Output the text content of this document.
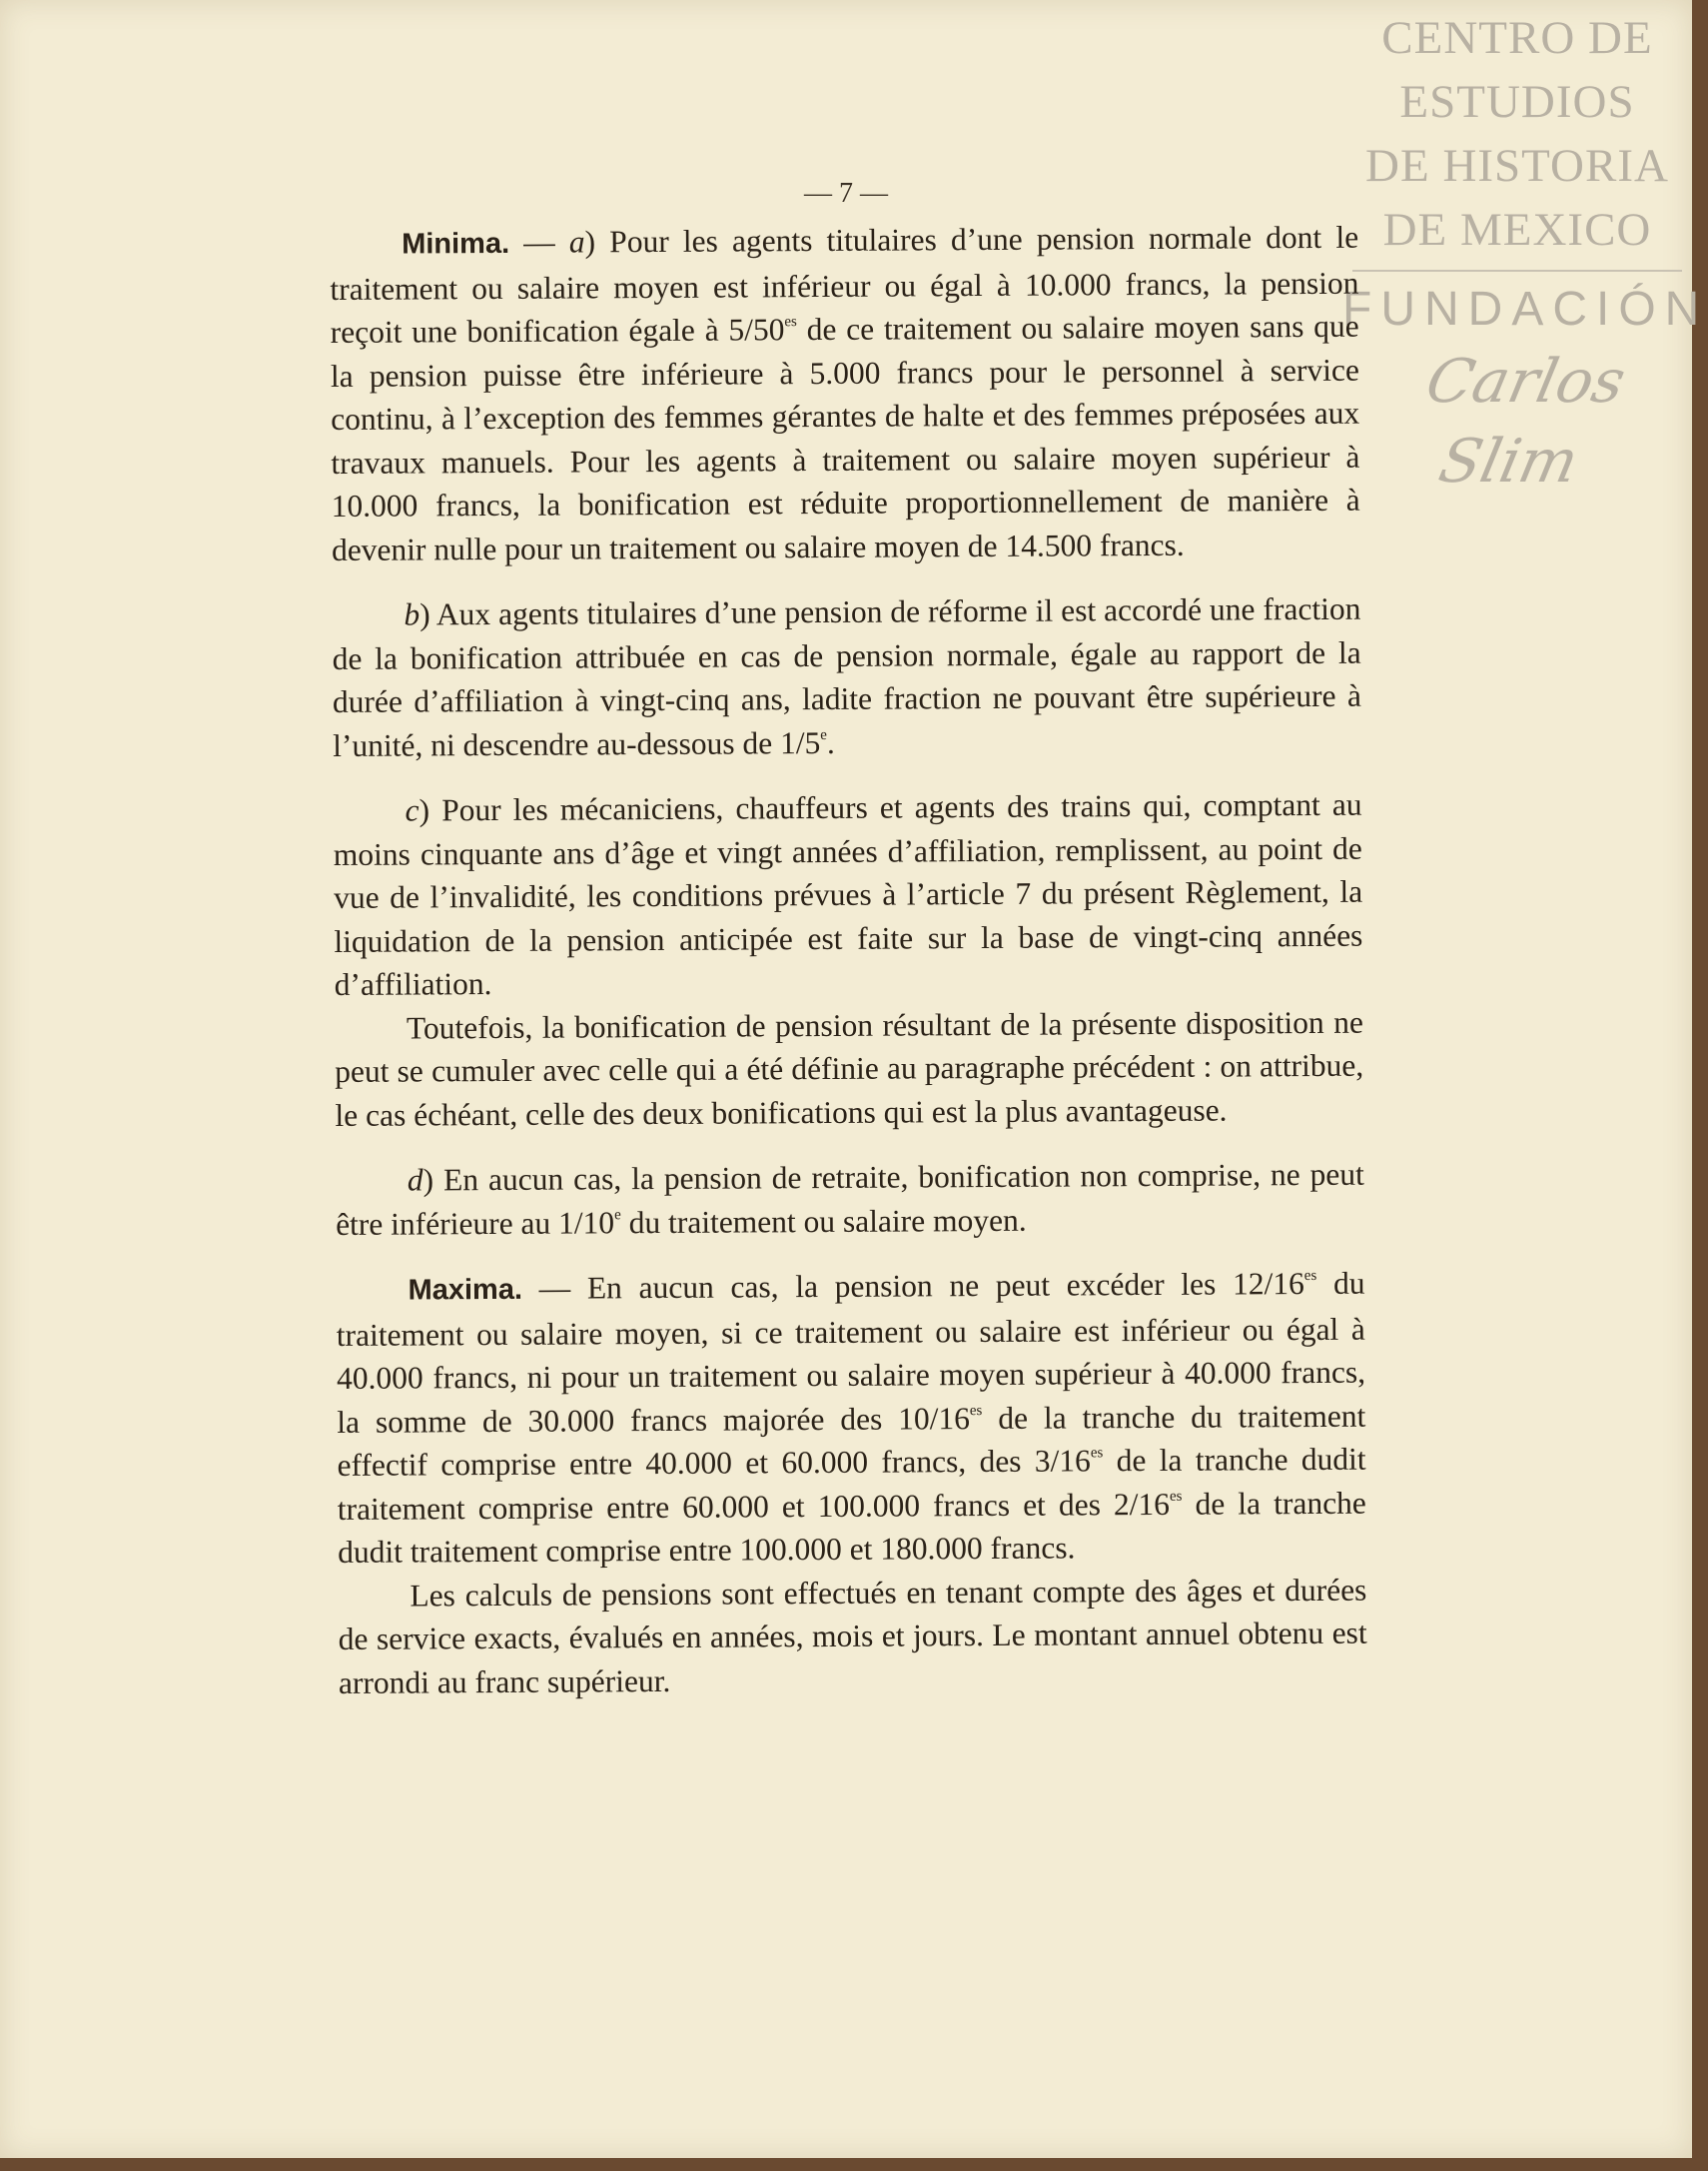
CENTRO DE
ESTUDIOS
DE HISTORIA
DE MEXICO
FUNDACIÓN
Carlos Slim
— 7 —

Minima. — a) Pour les agents titulaires d’une pension normale dont le traitement ou salaire moyen est inférieur ou égal à 10.000 francs, la pension reçoit une bonification égale à $5/50^{es}$ de ce traitement ou salaire moyen sans que la pension puisse être inférieure à 5.000 francs pour le personnel à service continu, à l’exception des femmes gérantes de halte et des femmes préposées aux travaux manuels. Pour les agents à traitement ou salaire moyen supérieur à 10.000 francs, la bonification est réduite proportionnellement de manière à devenir nulle pour un traitement ou salaire moyen de 14.500 francs.

b) Aux agents titulaires d’une pension de réforme il est accordé une fraction de la bonification attribuée en cas de pension normale, égale au rapport de la durée d’affiliation à vingt-cinq ans, ladite fraction ne pouvant être supérieure à l’unité, ni descendre au-dessous de 1/5e.

c) Pour les mécaniciens, chauffeurs et agents des trains qui, comptant au moins cinquante ans d’âge et vingt années d’affiliation, remplissent, au point de vue de l’invalidité, les conditions prévues à l’article 7 du présent Règlement, la liquidation de la pension anticipée est faite sur la base de vingt-cinq années d’affiliation.

Toutefois, la bonification de pension résultant de la présente disposition ne peut se cumuler avec celle qui a été définie au paragraphe précédent : on attribue, le cas échéant, celle des deux bonifications qui est la plus avantageuse.

d) En aucun cas, la pension de retraite, bonification non comprise, ne peut être inférieure au 1/10e du traitement ou salaire moyen.

Maxima. — En aucun cas, la pension ne peut excéder les $12/16^{es}$ du traitement ou salaire moyen, si ce traitement ou salaire est inférieur ou égal à 40.000 francs, ni pour un traitement ou salaire moyen supérieur à 40.000 francs, la somme de 30.000 francs majorée des $10/16^{es}$ de la tranche du traitement effectif comprise entre 40.000 et 60.000 francs, des $3/16^{es}$ de la tranche dudit traitement comprise entre 60.000 et 100.000 francs et des $2/16^{es}$ de la tranche dudit traitement comprise entre 100.000 et 180.000 francs.

Les calculs de pensions sont effectués en tenant compte des âges et durées de service exacts, évalués en années, mois et jours. Le montant annuel obtenu est arrondi au franc supérieur.
